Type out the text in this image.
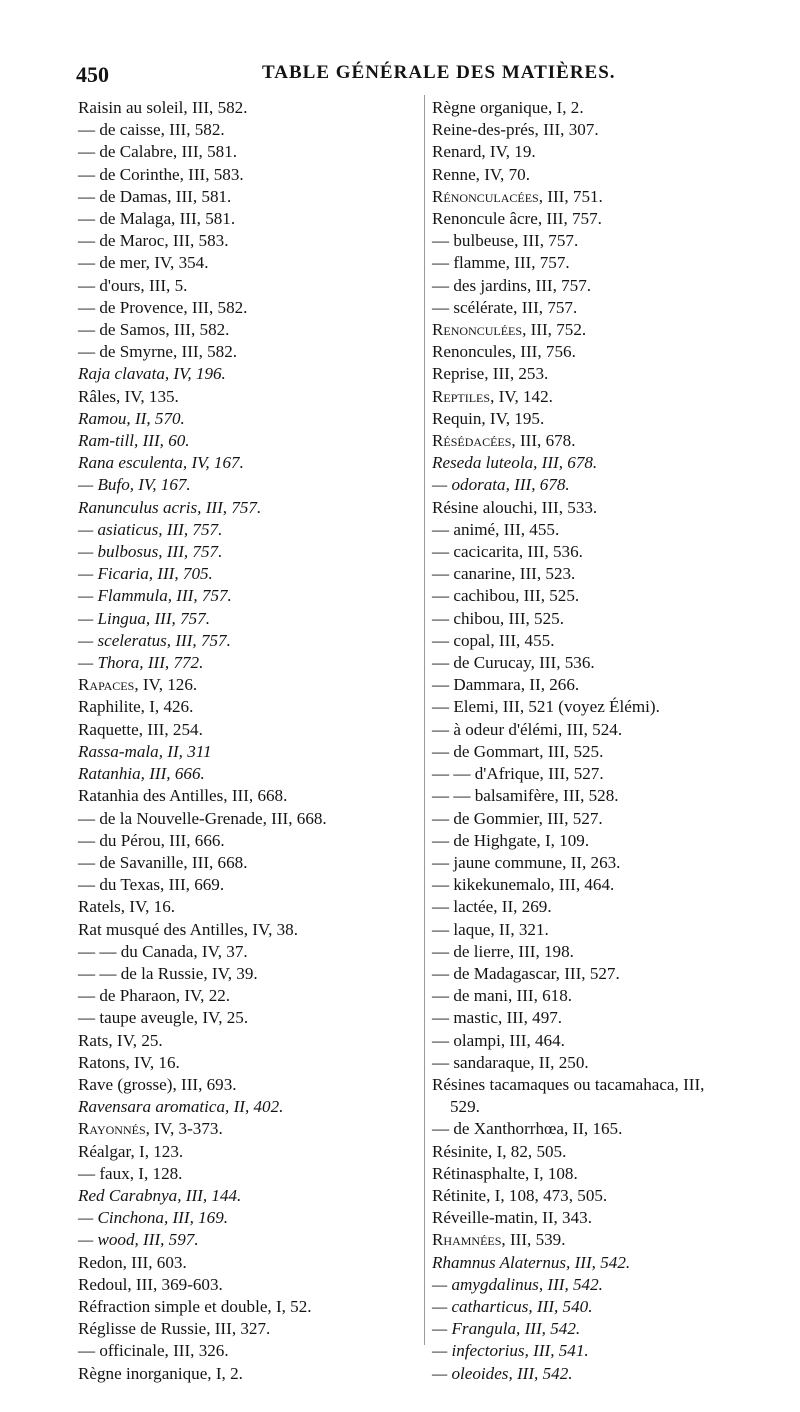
450	TABLE GÉNÉRALE DES MATIÈRES.
Raisin au soleil, III, 582.
— de caisse, III, 582.
— de Calabre, III, 581.
— de Corinthe, III, 583.
— de Damas, III, 581.
— de Malaga, III, 581.
— de Maroc, III, 583.
— de mer, IV, 354.
— d'ours, III, 5.
— de Provence, III, 582.
— de Samos, III, 582.
— de Smyrne, III, 582.
Raja clavata, IV, 196.
Râles, IV, 135.
Ramou, II, 570.
Ram-till, III, 60.
Rana esculenta, IV, 167.
— Bufo, IV, 167.
Ranunculus acris, III, 757.
— asiaticus, III, 757.
— bulbosus, III, 757.
— Ficaria, III, 705.
— Flammula, III, 757.
— Lingua, III, 757.
— sceleratus, III, 757.
— Thora, III, 772.
Rapaces, IV, 126.
Raphilite, I, 426.
Raquette, III, 254.
Rassa-mala, II, 311
Ratanhia, III, 666.
Ratanhia des Antilles, III, 668.
— de la Nouvelle-Grenade, III, 668.
— du Pérou, III, 666.
— de Savanille, III, 668.
— du Texas, III, 669.
Ratels, IV, 16.
Rat musqué des Antilles, IV, 38.
— — du Canada, IV, 37.
— — de la Russie, IV, 39.
— de Pharaon, IV, 22.
— taupe aveugle, IV, 25.
Rats, IV, 25.
Ratons, IV, 16.
Rave (grosse), III, 693.
Ravensara aromatica, II, 402.
Rayonnés, IV, 3-373.
Réalgar, I, 123.
— faux, I, 128.
Red Carabnya, III, 144.
— Cinchona, III, 169.
— wood, III, 597.
Redon, III, 603.
Redoul, III, 369-603.
Réfraction simple et double, I, 52.
Réglisse de Russie, III, 327.
— officinale, III, 326.
Règne inorganique, I, 2.
Règne organique, I, 2.
Reine-des-prés, III, 307.
Renard, IV, 19.
Renne, IV, 70.
Rénonculacées, III, 751.
Renoncule âcre, III, 757.
— bulbeuse, III, 757.
— flamme, III, 757.
— des jardins, III, 757.
— scélérate, III, 757.
Renonculées, III, 752.
Renoncules, III, 756.
Reprise, III, 253.
Reptiles, IV, 142.
Requin, IV, 195.
Résédacées, III, 678.
Reseda luteola, III, 678.
— odorata, III, 678.
Résine alouchi, III, 533.
— animé, III, 455.
— cacicarita, III, 536.
— canarine, III, 523.
— cachibou, III, 525.
— chibou, III, 525.
— copal, III, 455.
— de Curucay, III, 536.
— Dammara, II, 266.
— Elemi, III, 521 (voyez Élémi).
— à odeur d'élémi, III, 524.
— de Gommart, III, 525.
— — d'Afrique, III, 527.
— — balsamifère, III, 528.
— de Gommier, III, 527.
— de Highgate, I, 109.
— jaune commune, II, 263.
— kikekunemalo, III, 464.
— lactée, II, 269.
— laque, II, 321.
— de lierre, III, 198.
— de Madagascar, III, 527.
— de mani, III, 618.
— mastic, III, 497.
— olampi, III, 464.
— sandaraque, II, 250.
Résines tacamaques ou tacamahaca, III,
529.
— de Xanthorrhœa, II, 165.
Résinite, I, 82, 505.
Rétinasphalte, I, 108.
Rétinite, I, 108, 473, 505.
Réveille-matin, II, 343.
Rhamnées, III, 539.
Rhamnus Alaternus, III, 542.
— amygdalinus, III, 542.
— catharticus, III, 540.
— Frangula, III, 542.
— infectorius, III, 541.
— oleoides, III, 542.
